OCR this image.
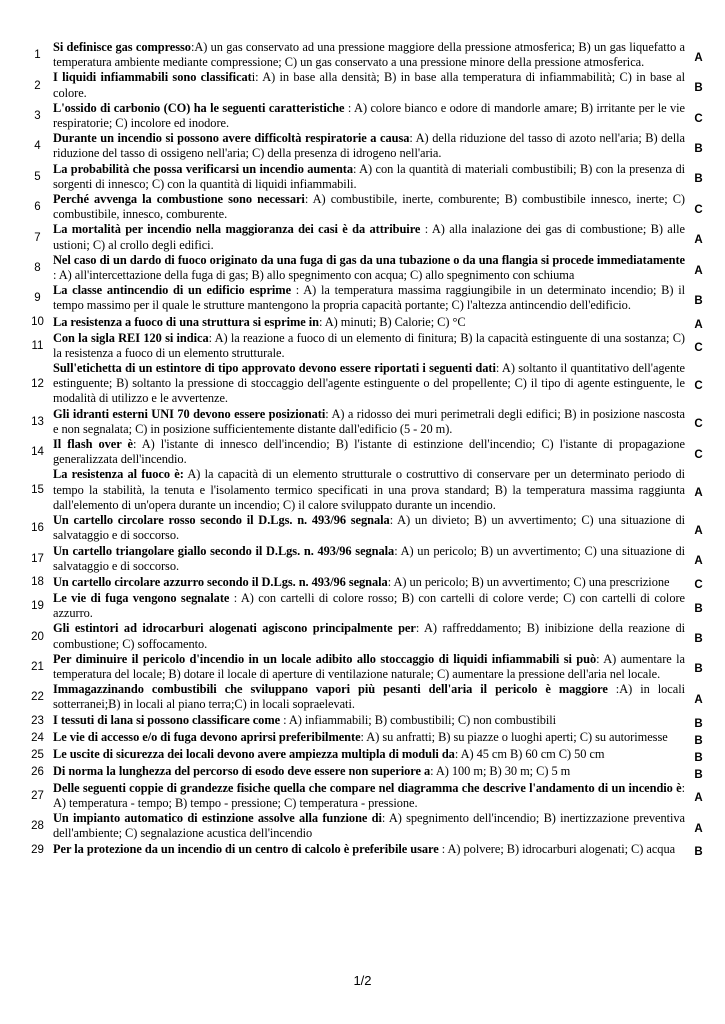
1
Si definisce gas compresso:A) un gas conservato ad una pressione maggiore della pressione atmosferica; B) un gas liquefatto a temperatura ambiente mediante compressione; C) un gas conservato a una pressione minore della pressione atmosferica.	A
2
I liquidi infiammabili sono classificati: A) in base alla densità; B) in base alla temperatura di infiammabilità; C) in base al colore.	B
3
L'ossido di carbonio (CO) ha le seguenti caratteristiche : A) colore bianco e odore di mandorle amare; B) irritante per le vie respiratorie; C) incolore ed inodore.	C
4
Durante un incendio si possono avere difficoltà respiratorie a causa: A) della riduzione del tasso di azoto nell'aria; B) della riduzione del tasso di ossigeno nell'aria; C) della presenza di idrogeno nell'aria.	B
5
La probabilità che possa verificarsi un incendio aumenta: A) con la quantità di materiali combustibili; B) con la presenza di sorgenti di innesco; C) con la quantità di liquidi infiammabili.	B
6
Perché avvenga la combustione sono necessari: A) combustibile, inerte, comburente; B) combustibile innesco, inerte; C) combustibile, innesco, comburente.	C
7
La mortalità per incendio nella maggioranza dei casi è da attribuire : A) alla inalazione dei gas di combustione; B) alle ustioni; C) al crollo degli edifici.	A
8
Nel caso di un dardo di fuoco originato da una fuga di gas da una tubazione o da una flangia si procede immediatamente : A) all'intercettazione della fuga di gas; B) allo spegnimento con acqua; C) allo spegnimento con schiuma	A
9
La classe antincendio di un edificio esprime : A) la temperatura massima raggiungibile in un determinato incendio; B) il tempo massimo per il quale le strutture mantengono la propria capacità portante; C) l'altezza antincendio dell'edificio.	B
10 La resistenza a fuoco di una struttura si esprime in: A) minuti; B) Calorie; C) °C	A
11
Con la sigla REI 120 si indica: A) la reazione a fuoco di un elemento di finitura; B) la capacità estinguente di una sostanza; C) la resistenza a fuoco di un elemento strutturale.	C
12
Sull'etichetta di un estintore di tipo approvato devono essere riportati i seguenti dati: A) soltanto il quantitativo dell'agente estinguente; B) soltanto la pressione di stoccaggio dell'agente estinguente o del propellente; C) il tipo di agente estinguente, le modalità di utilizzo e le avvertenze.
C
13
Gli idranti esterni UNI 70 devono essere posizionati: A) a ridosso dei muri perimetrali degli edifici; B) in posizione nascosta e non segnalata; C) in posizione sufficientemente distante dall'edificio (5 - 20 m).	C
14
Il flash over è: A) l'istante di innesco dell'incendio; B) l'istante di estinzione dell'incendio; C) l'istante di propagazione generalizzata dell'incendio.	C
15
La resistenza al fuoco è: A) la capacità di un elemento strutturale o costruttivo di conservare per un determinato periodo di tempo la stabilità, la tenuta e l'isolamento termico specificati in una prova standard; B) la temperatura massima raggiunta dall'elemento di un'opera durante un incendio; C) il calore sviluppato durante un incendio.
A
16
Un cartello circolare rosso secondo il D.Lgs. n. 493/96 segnala: A) un divieto; B) un avvertimento; C) una situazione di salvataggio e di soccorso.	A
17
Un cartello triangolare giallo secondo il D.Lgs. n. 493/96 segnala: A) un pericolo; B) un avvertimento; C) una situazione di salvataggio e di soccorso.	A
18 Un cartello circolare azzurro secondo il D.Lgs. n. 493/96 segnala: A) un pericolo; B) un avvertimento; C) una prescrizione	C
19
Le vie di fuga vengono segnalate : A) con cartelli di colore rosso; B) con cartelli di colore verde; C) con cartelli di colore azzurro.	B
20
Gli estintori ad idrocarburi alogenati agiscono principalmente per: A) raffreddamento; B) inibizione della reazione di combustione; C) soffocamento.	B
21
Per diminuire il pericolo d'incendio in un locale adibito allo stoccaggio di liquidi infiammabili si può: A) aumentare la temperatura del locale; B) dotare il locale di aperture di ventilazione naturale; C) aumentare la pressione dell'aria nel locale.	B
22
Immagazzinando combustibili che sviluppano vapori più pesanti dell'aria il pericolo è maggiore :A) in locali sotterranei;B) in locali al piano terra;C) in locali sopraelevati.	A
23 I tessuti di lana si possono classificare come : A) infiammabili; B) combustibili; C) non combustibili	B
24 Le vie di accesso e/o di fuga devono aprirsi preferibilmente: A) su anfratti; B) su piazze o luoghi aperti; C) su autorimesse	B
25 Le uscite di sicurezza dei locali devono avere ampiezza multipla di moduli da: A) 45 cm B) 60 cm C) 50 cm	B
26 Di norma la lunghezza del percorso di esodo deve essere non superiore a: A) 100 m; B) 30 m; C) 5 m	B
27
Delle seguenti coppie di grandezze fisiche quella che compare nel diagramma che descrive l'andamento di un incendio è: A) temperatura - tempo; B) tempo - pressione; C) temperatura - pressione.	A
28
Un impianto automatico di estinzione assolve alla funzione di: A) spegnimento dell'incendio; B) inertizzazione preventiva dell'ambiente; C) segnalazione acustica dell'incendio	A
29 Per la protezione da un incendio di un centro di calcolo è preferibile usare : A) polvere; B) idrocarburi alogenati; C) acqua	B
1/2
